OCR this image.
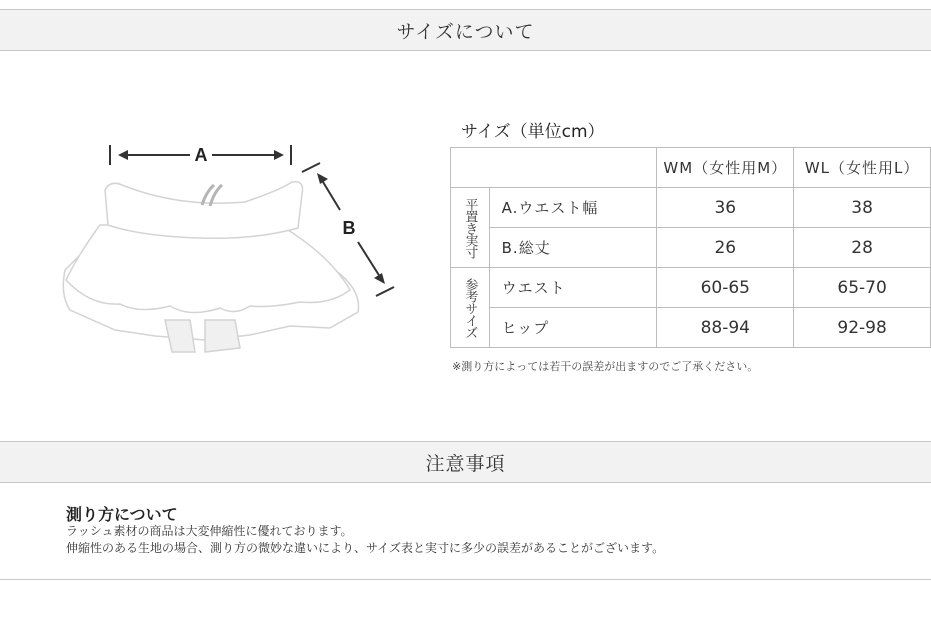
サイズについて
A
B
サイズ（単位cm）
		WM（女性用M）	WL（女性用L）
平置き実寸	A.ウエスト幅	36	38
	B.総丈	26	28
参考サイズ	ウエスト	60-65	65-70
	ヒップ	88-94	92-98
※測り方によっては若干の誤差が出ますのでご了承ください。
注意事項
測り方について
ラッシュ素材の商品は大変伸縮性に優れております。
伸縮性のある生地の場合、測り方の微妙な違いにより、サイズ表と実寸に多少の誤差があることがございます。
